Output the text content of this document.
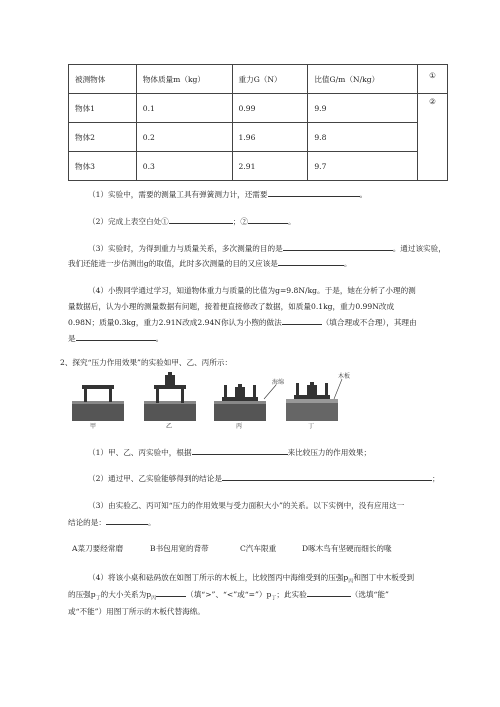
被测物体	物体质量m（kg）	重力G（N）	比值G/m（N/kg）	①
物体1	0.1	0.99	9.9	②
物体2	0.2	1.96	9.8	
物体3	0.3	2.91	9.7	
（1）实验中，需要的测量工具有弹簧测力计，还需要	。
（2）完成上表空白处①	；②	。
（3）实验时，为得到重力与质量关系，多次测量的目的是	。通过该实验，
我们还能进一步估测出g的取值，此时多次测量的目的又应该是	。
（4）小煦同学通过学习，知道物体重力与质量的比值为g=9.8N/kg。于是，她在分析了小理的测
量数据后，认为小理的测量数据有问题，接着便直接修改了数据，如质量0.1kg，重力0.99N改成
0.98N；质量0.3kg，重力2.91N改成2.94N你认为小煦的做法	（填合理或不合理），其理由
是	。
2、探究“压力作用效果”的实验如甲、乙、丙所示：
甲	乙	丙	丁
海绵
木板
（1）甲、乙、丙实验中，根据	来比较压力的作用效果；
（2）通过甲、乙实验能够得到的结论是	；
（3）由实验乙、丙可知“压力的作用效果与受力面积大小”的关系。以下实例中，没有应用这一
结论的是：	。
A菜刀要经常磨	B书包用宽的背带	C汽车限重	D啄木鸟有坚硬而细长的喙
（4）将该小桌和砝码放在如图丁所示的木板上，比较图丙中海绵受到的压强$p_丙$和图丁中木板受到
的压强$p_丁$的大小关系为$p_丙$	（填“>”、“<”或“$=”)p_丁$；此实验	（选填“能”
或“不能”）用图丁所示的木板代替海绵。
